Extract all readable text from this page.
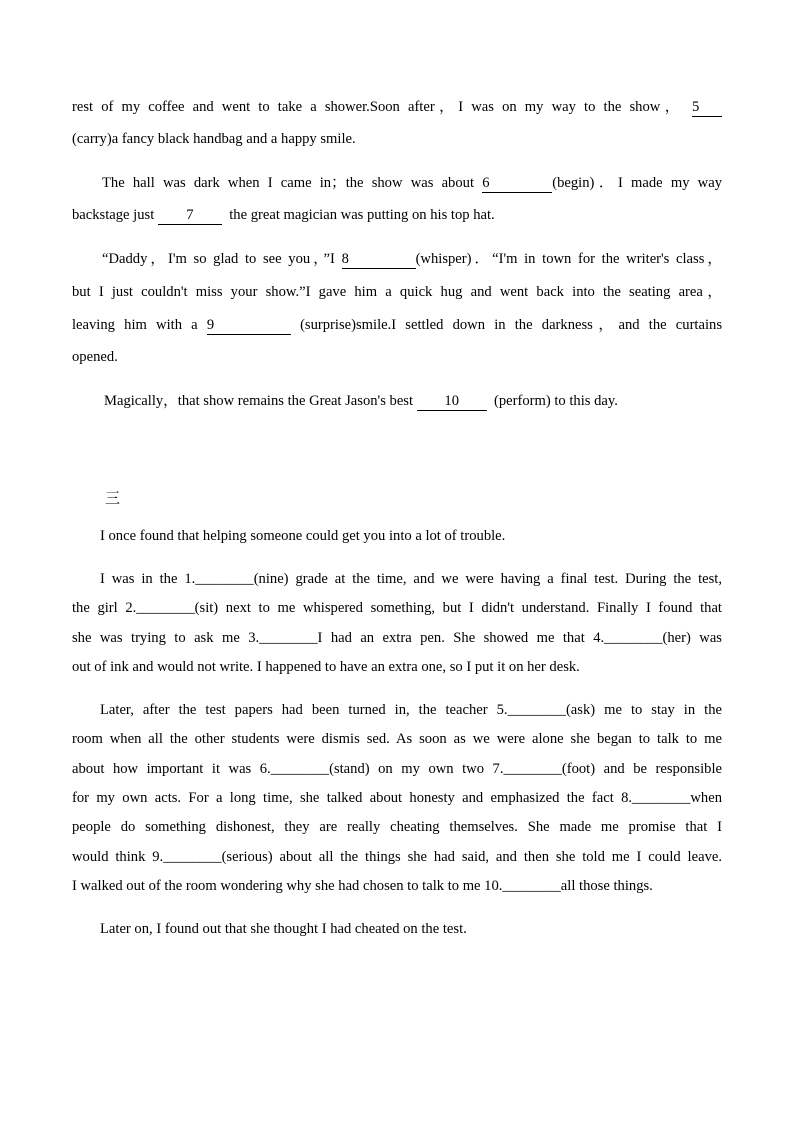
rest of my coffee and went to take a shower.Soon after，I was on my way to the show， 5
(carry)a fancy black handbag and a happy smile.
The hall was dark when I came in；the show was about 6	(begin)．I made my way
backstage just 7 the great magician was putting on his top hat.
“Daddy，I'm so glad to see you，”I 8	(whisper)．“I'm in town for the writer's class，
but I just couldn't miss your show.”I gave him a quick hug and went back into the seating area，
leaving him with a 9	(surprise)smile.I settled down in the darkness，and the curtains
opened.
Magically，that show remains the Great Jason's best 10 (perform) to this day.
三
I once found that helping someone could get you into a lot of trouble.
I was in the 1.________(nine) grade at the time, and we were having a final test. During the test,
the girl 2.________(sit) next to me whispered something, but I didn't understand. Finally I found that
she was trying to ask me 3.________I had an extra pen. She showed me that 4.________(her) was
out of ink and would not write. I happened to have an extra one, so I put it on her desk.
Later, after the test papers had been turned in, the teacher 5.________(ask) me to stay in the
room when all the other students were dismis sed. As soon as we were alone she began to talk to me
about how important it was 6.________(stand) on my own two 7.________(foot) and be responsible
for my own acts. For a long time, she talked about honesty and emphasized the fact 8.________when
people do something dishonest, they are really cheating themselves. She made me promise that I
would think 9.________(serious) about all the things she had said, and then she told me I could leave.
I walked out of the room wondering why she had chosen to talk to me 10.________all those things.
Later on, I found out that she thought I had cheated on the test.
